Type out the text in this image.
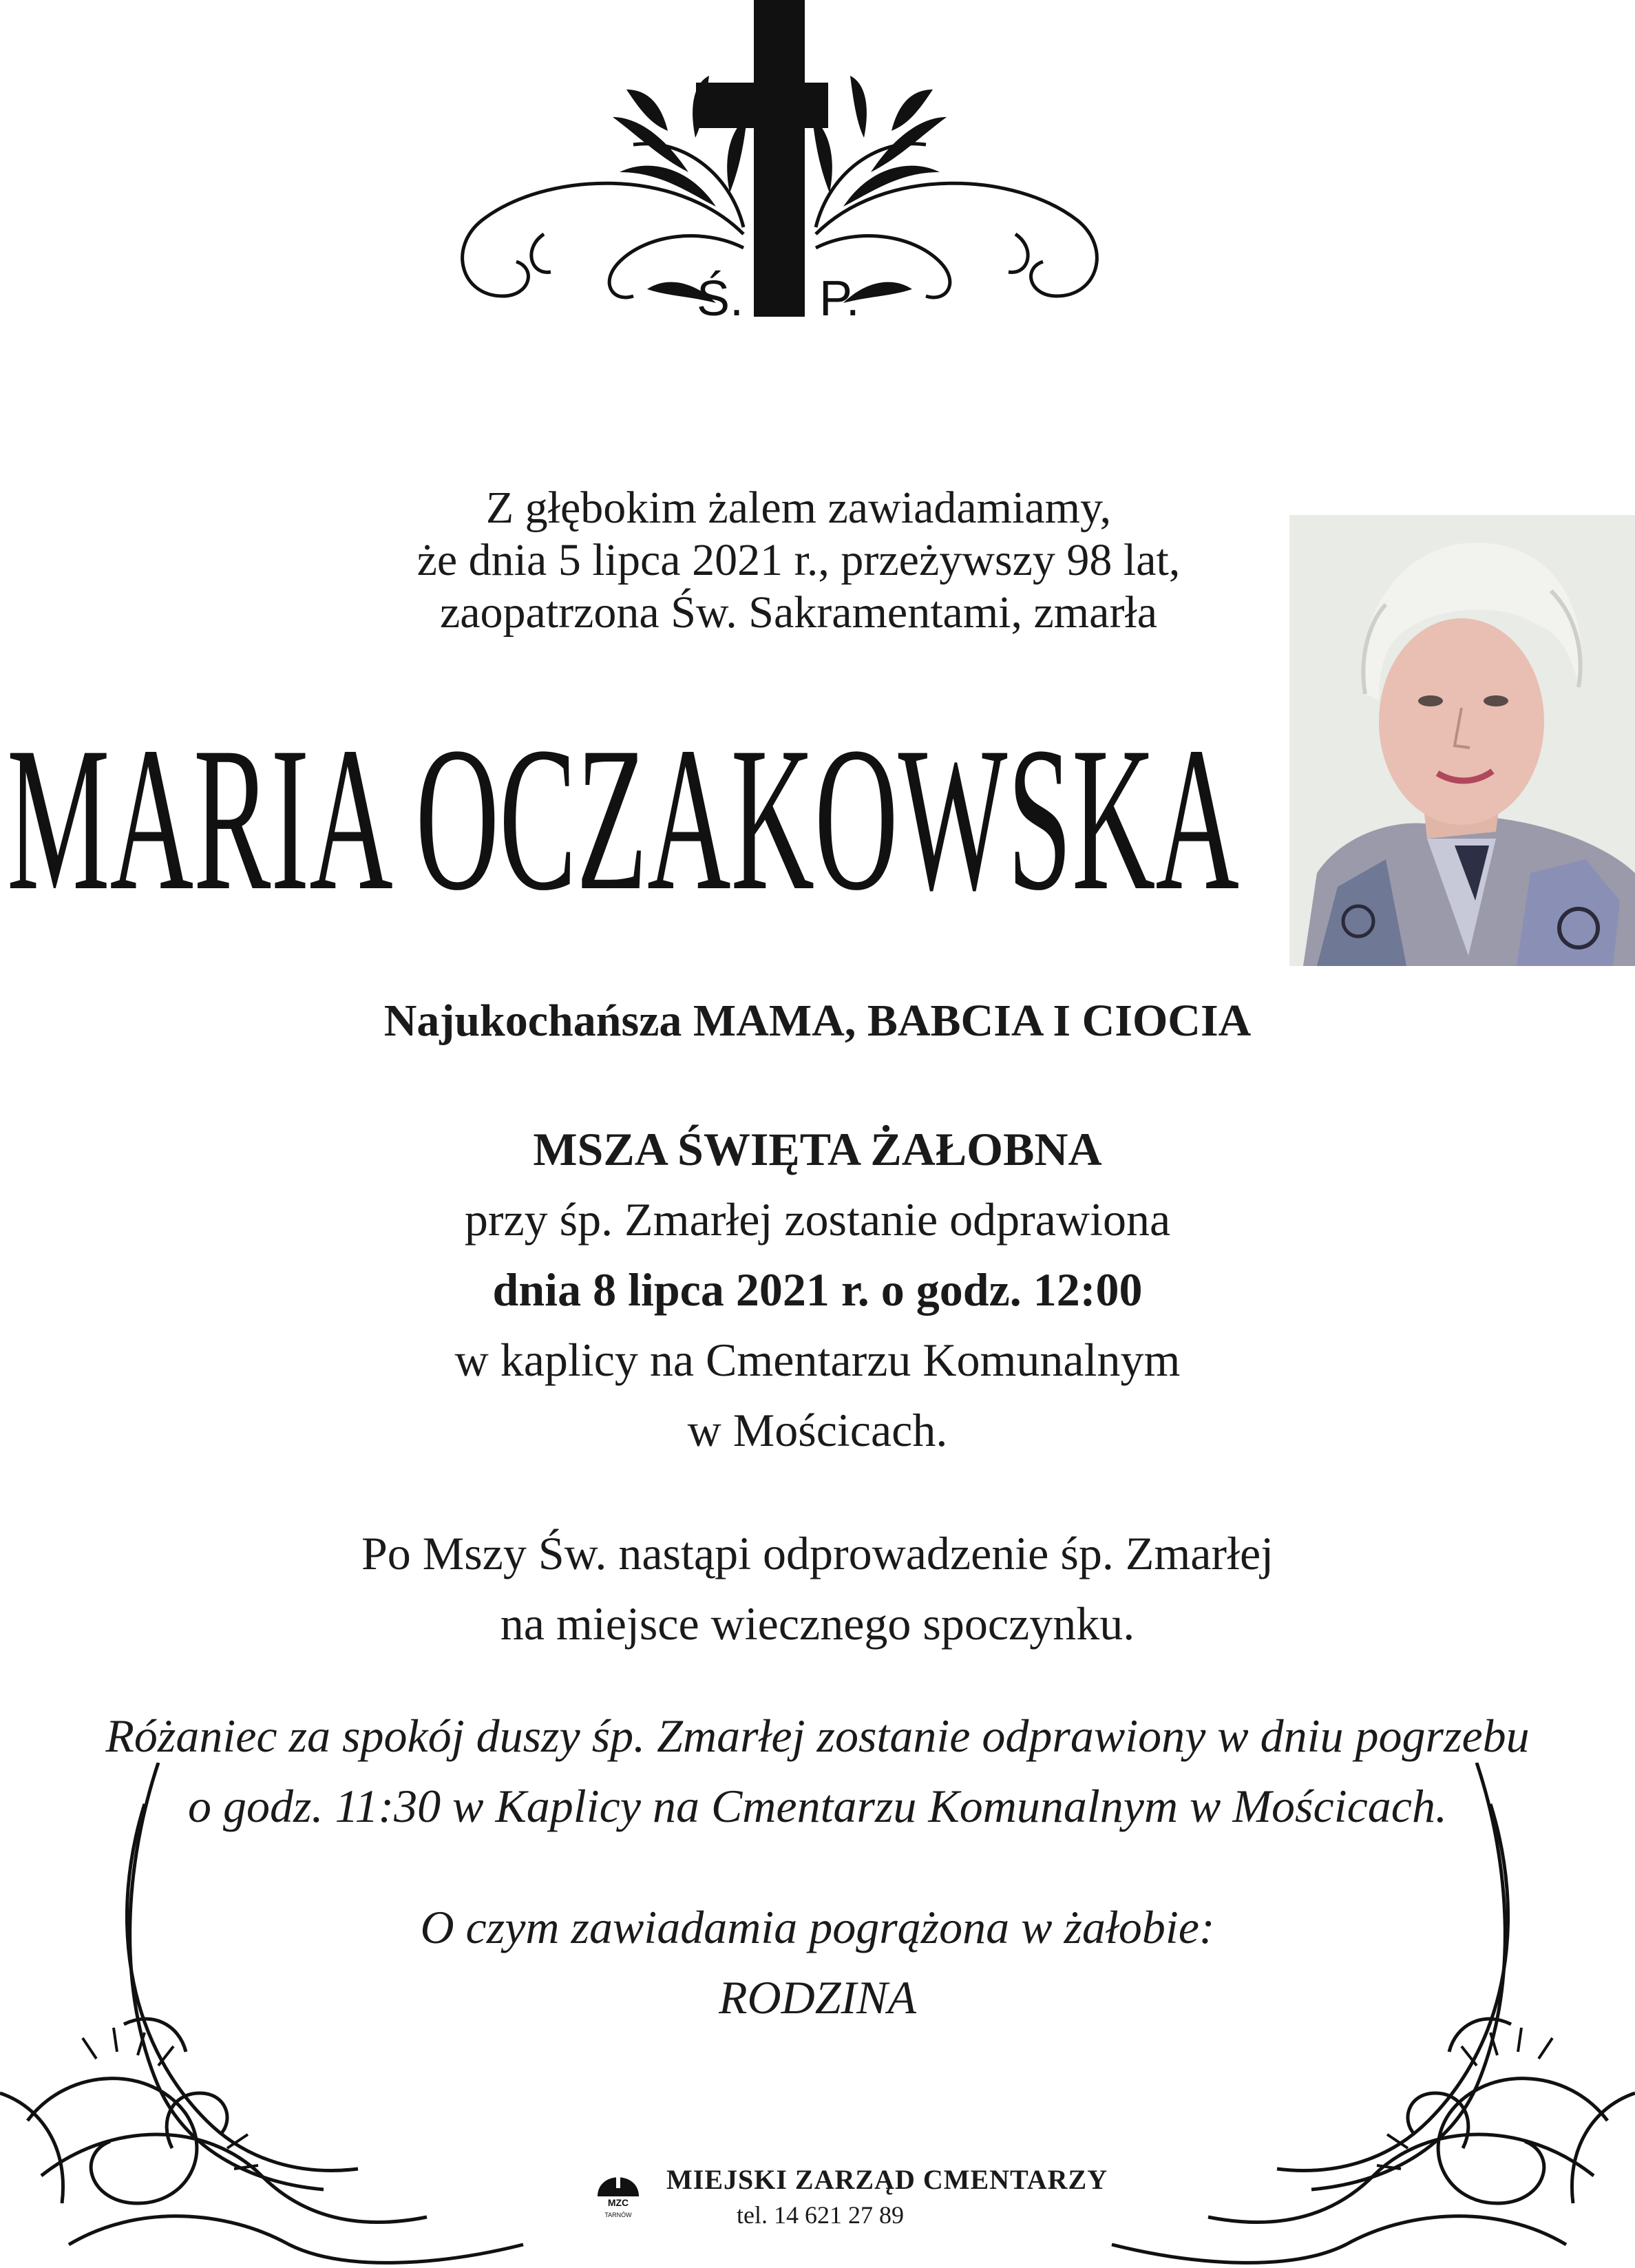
Ś. P.
Z głębokim żalem zawiadamiamy,
że dnia 5 lipca 2021 r., przeżywszy 98 lat,
zaopatrzona Św. Sakramentami, zmarła
MARIA OCZAKOWSKA
Najukochańsza MAMA, BABCIA I CIOCIA
MSZA ŚWIĘTA ŻAŁOBNA
przy śp. Zmarłej zostanie odprawiona
dnia 8 lipca 2021 r. o godz. 12:00
w kaplicy na Cmentarzu Komunalnym
w Mościcach.
Po Mszy Św. nastąpi odprowadzenie śp. Zmarłej
na miejsce wiecznego spoczynku.
Różaniec za spokój duszy śp. Zmarłej zostanie odprawiony w dniu pogrzebu
o godz. 11:30 w Kaplicy na Cmentarzu Komunalnym w Mościcach.
O czym zawiadamia pogrążona w żałobie:
RODZINA
MZC
TARNÓW
MIEJSKI ZARZĄD CMENTARZY
tel. 14 621 27 89
